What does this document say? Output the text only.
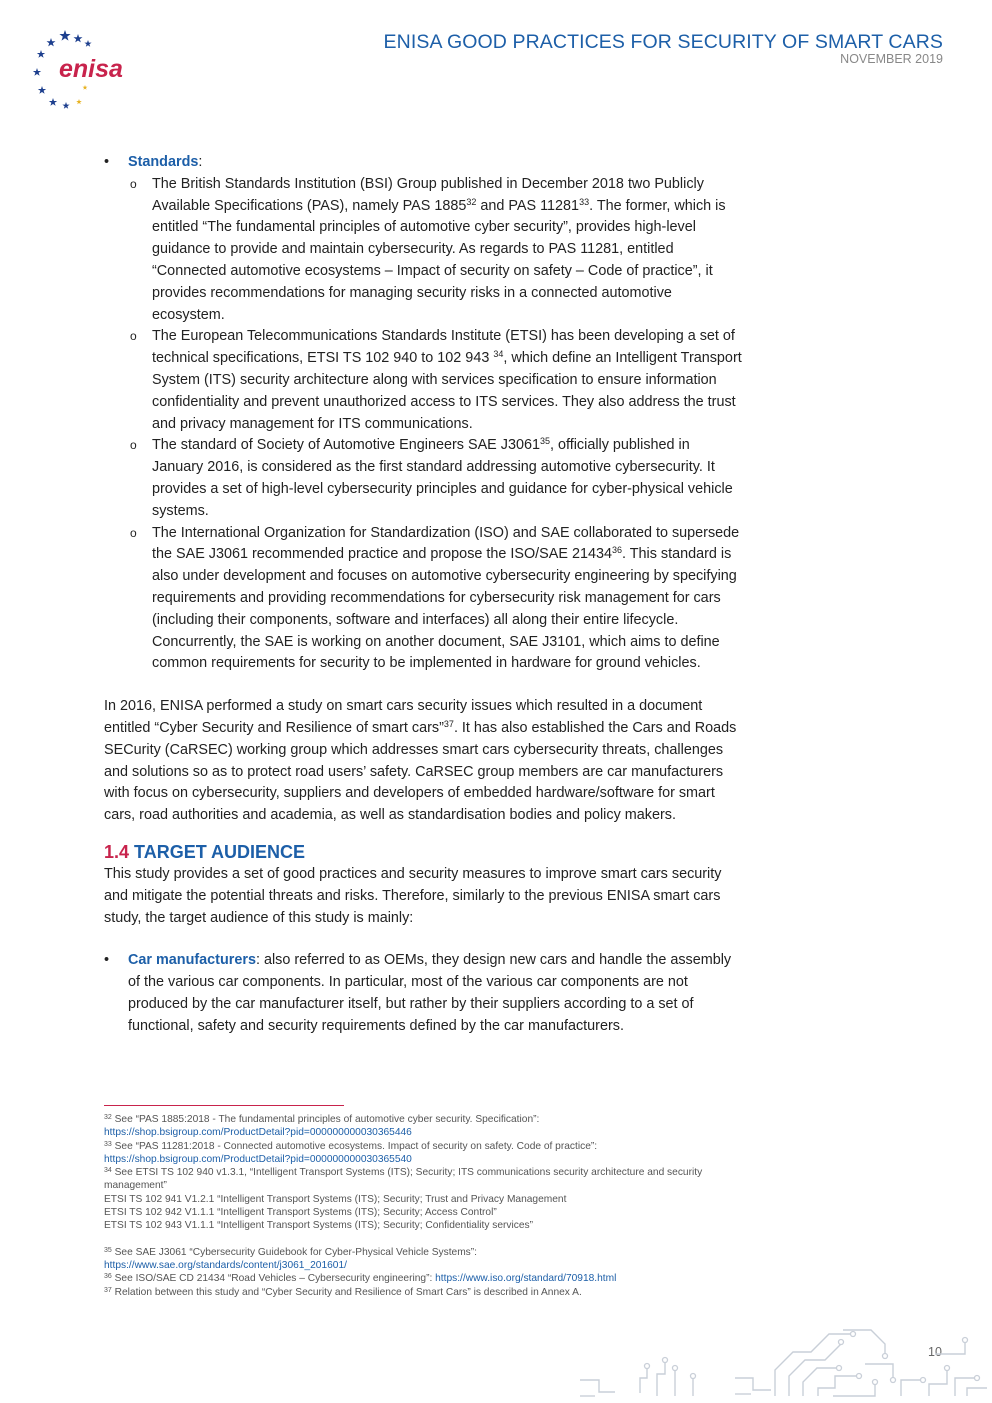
enisa
ENISA GOOD PRACTICES FOR SECURITY OF SMART CARS
NOVEMBER 2019
• Standards:
o The British Standards Institution (BSI) Group published in December 2018 two Publicly Available Specifications (PAS), namely PAS 1885$^{32}$ and PAS 11281$^{33}$. The former, which is entitled “The fundamental principles of automotive cyber security”, provides high-level guidance to provide and maintain cybersecurity. As regards to PAS 11281, entitled “Connected automotive ecosystems – Impact of security on safety – Code of practice”, it provides recommendations for managing security risks in a connected automotive ecosystem.
o The European Telecommunications Standards Institute (ETSI) has been developing a set of technical specifications, ETSI TS 102 940 to 102 943 $^{34}$, which define an Intelligent Transport System (ITS) security architecture along with services specification to ensure information confidentiality and prevent unauthorized access to ITS services. They also address the trust and privacy management for ITS communications.
o The standard of Society of Automotive Engineers SAE J3061$^{35}$, officially published in January 2016, is considered as the first standard addressing automotive cybersecurity. It provides a set of high-level cybersecurity principles and guidance for cyber-physical vehicle systems.
o The International Organization for Standardization (ISO) and SAE collaborated to supersede the SAE J3061 recommended practice and propose the ISO/SAE 21434$^{36}$. This standard is also under development and focuses on automotive cybersecurity engineering by specifying requirements and providing recommendations for cybersecurity risk management for cars (including their components, software and interfaces) all along their entire lifecycle. Concurrently, the SAE is working on another document, SAE J3101, which aims to define common requirements for security to be implemented in hardware for ground vehicles.

In 2016, ENISA performed a study on smart cars security issues which resulted in a document entitled “Cyber Security and Resilience of smart cars”$^{37}$. It has also established the Cars and Roads SECurity (CaRSEC) working group which addresses smart cars cybersecurity threats, challenges and solutions so as to protect road users’ safety. CaRSEC group members are car manufacturers with focus on cybersecurity, suppliers and developers of embedded hardware/software for smart cars, road authorities and academia, as well as standardisation bodies and policy makers.

1.4 TARGET AUDIENCE

This study provides a set of good practices and security measures to improve smart cars security and mitigate the potential threats and risks. Therefore, similarly to the previous ENISA smart cars study, the target audience of this study is mainly:

• Car manufacturers: also referred to as OEMs, they design new cars and handle the assembly of the various car components. In particular, most of the various car components are not produced by the car manufacturer itself, but rather by their suppliers according to a set of functional, safety and security requirements defined by the car manufacturers.
$^{32}$ See “PAS 1885:2018 - The fundamental principles of automotive cyber security. Specification”:
https://shop.bsigroup.com/ProductDetail?pid=000000000030365446
$^{33}$ See “PAS 11281:2018 - Connected automotive ecosystems. Impact of security on safety. Code of practice”:
https://shop.bsigroup.com/ProductDetail?pid=000000000030365540
$^{34}$ See ETSI TS 102 940 v1.3.1, “Intelligent Transport Systems (ITS); Security; ITS communications security architecture and security management”
ETSI TS 102 941 V1.2.1 “Intelligent Transport Systems (ITS); Security; Trust and Privacy Management
ETSI TS 102 942 V1.1.1 “Intelligent Transport Systems (ITS); Security; Access Control”
ETSI TS 102 943 V1.1.1 “Intelligent Transport Systems (ITS); Security; Confidentiality services”
$^{35}$ See SAE J3061 “Cybersecurity Guidebook for Cyber-Physical Vehicle Systems”:
https://www.sae.org/standards/content/j3061_201601/
$^{36}$ See ISO/SAE CD 21434 “Road Vehicles – Cybersecurity engineering”: https://www.iso.org/standard/70918.html
$^{37}$ Relation between this study and “Cyber Security and Resilience of Smart Cars” is described in Annex A.
10
